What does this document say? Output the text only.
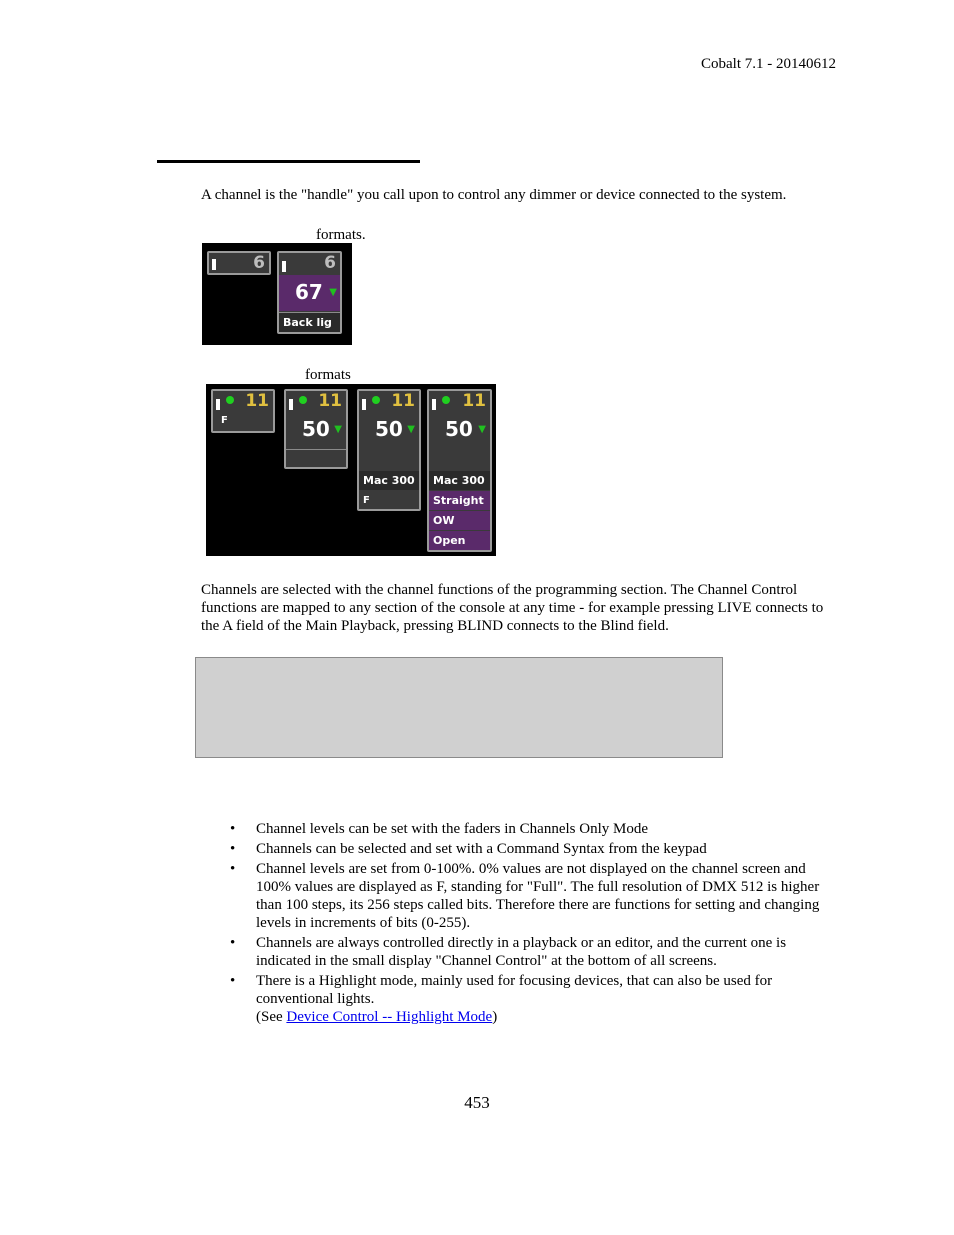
Cobalt 7.1 - 20140612
A channel is the "handle" you call upon to control any dimmer or device connected to the system.
formats.
6	6
67 ▼
Back lig
formats
11
F
11
50 ▼
11
50 ▼
Mac 300
F
11
50 ▼
Mac 300
Straight
OW
Open
Channels are selected with the channel functions of the programming section. The Channel Control functions are mapped to any section of the console at any time - for example pressing LIVE connects to the A field of the Main Playback, pressing BLIND connects to the Blind field.
• Channel levels can be set with the faders in Channels Only Mode
• Channels can be selected and set with a Command Syntax from the keypad
• Channel levels are set from 0-100%. 0% values are not displayed on the channel screen and 100% values are displayed as F, standing for "Full". The full resolution of DMX 512 is higher than 100 steps, its 256 steps called bits. Therefore there are functions for setting and changing levels in increments of bits (0-255).
• Channels are always controlled directly in a playback or an editor, and the current one is indicated in the small display "Channel Control" at the bottom of all screens.
• There is a Highlight mode, mainly used for focusing devices, that can also be used for conventional lights.
(See Device Control -- Highlight Mode)
453
